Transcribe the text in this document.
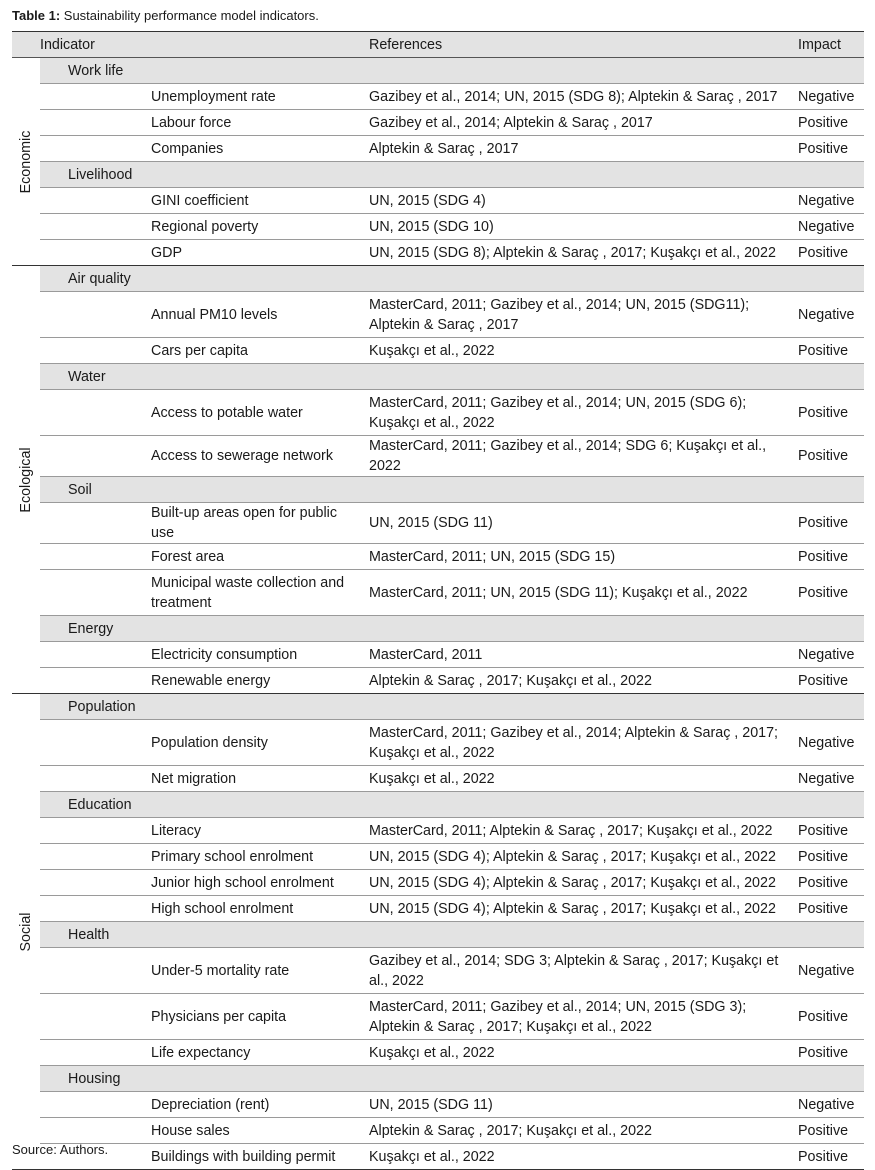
Table 1: Sustainability performance model indicators.
Indicator		References	Impact

Economic	Work life		
	Unemployment rate	Gazibey et al., 2014; UN, 2015 (SDG 8); Alptekin & Saraç , 2017	Negative
	Labour force	Gazibey et al., 2014; Alptekin & Saraç , 2017	Positive
	Companies	Alptekin & Saraç , 2017	Positive
	Livelihood		
	GINI coefficient	UN, 2015 (SDG 4)	Negative
	Regional poverty	UN, 2015 (SDG 10)	Negative
	GDP	UN, 2015 (SDG 8); Alptekin & Saraç , 2017; Kuşakçı et al., 2022	Positive

Ecological	Air quality		
	Annual PM10 levels	MasterCard, 2011; Gazibey et al., 2014; UN, 2015 (SDG11); Alptekin & Saraç , 2017	Negative
	Cars per capita	Kuşakçı et al., 2022	Positive
	Water		
	Access to potable water	MasterCard, 2011; Gazibey et al., 2014; UN, 2015 (SDG 6); Kuşakçı et al., 2022	Positive
	Access to sewerage network	MasterCard, 2011; Gazibey et al., 2014; SDG 6; Kuşakçı et al., 2022	Positive
	Soil		
	Built-up areas open for public use	UN, 2015 (SDG 11)	Positive
	Forest area	MasterCard, 2011; UN, 2015 (SDG 15)	Positive
	Municipal waste collection and treatment	MasterCard, 2011; UN, 2015 (SDG 11); Kuşakçı et al., 2022	Positive
	Energy		
	Electricity consumption	MasterCard, 2011	Negative
	Renewable energy	Alptekin & Saraç , 2017; Kuşakçı et al., 2022	Positive

Social	Population		
	Population density	MasterCard, 2011; Gazibey et al., 2014; Alptekin & Saraç , 2017; Kuşakçı et al., 2022	Negative
	Net migration	Kuşakçı et al., 2022	Negative
	Education		
	Literacy	MasterCard, 2011; Alptekin & Saraç , 2017; Kuşakçı et al., 2022	Positive
	Primary school enrolment	UN, 2015 (SDG 4); Alptekin & Saraç , 2017; Kuşakçı et al., 2022	Positive
	Junior high school enrolment	UN, 2015 (SDG 4); Alptekin & Saraç , 2017; Kuşakçı et al., 2022	Positive
	High school enrolment	UN, 2015 (SDG 4); Alptekin & Saraç , 2017; Kuşakçı et al., 2022	Positive
	Health		
	Under-5 mortality rate	Gazibey et al., 2014; SDG 3; Alptekin & Saraç , 2017; Kuşakçı et al., 2022	Negative
	Physicians per capita	MasterCard, 2011; Gazibey et al., 2014; UN, 2015 (SDG 3); Alptekin & Saraç , 2017; Kuşakçı et al., 2022	Positive
	Life expectancy	Kuşakçı et al., 2022	Positive
	Housing		
	Depreciation (rent)	UN, 2015 (SDG 11)	Negative
	House sales	Alptekin & Saraç , 2017; Kuşakçı et al., 2022	Positive
	Buildings with building permit	Kuşakçı et al., 2022	Positive
Source: Authors.
